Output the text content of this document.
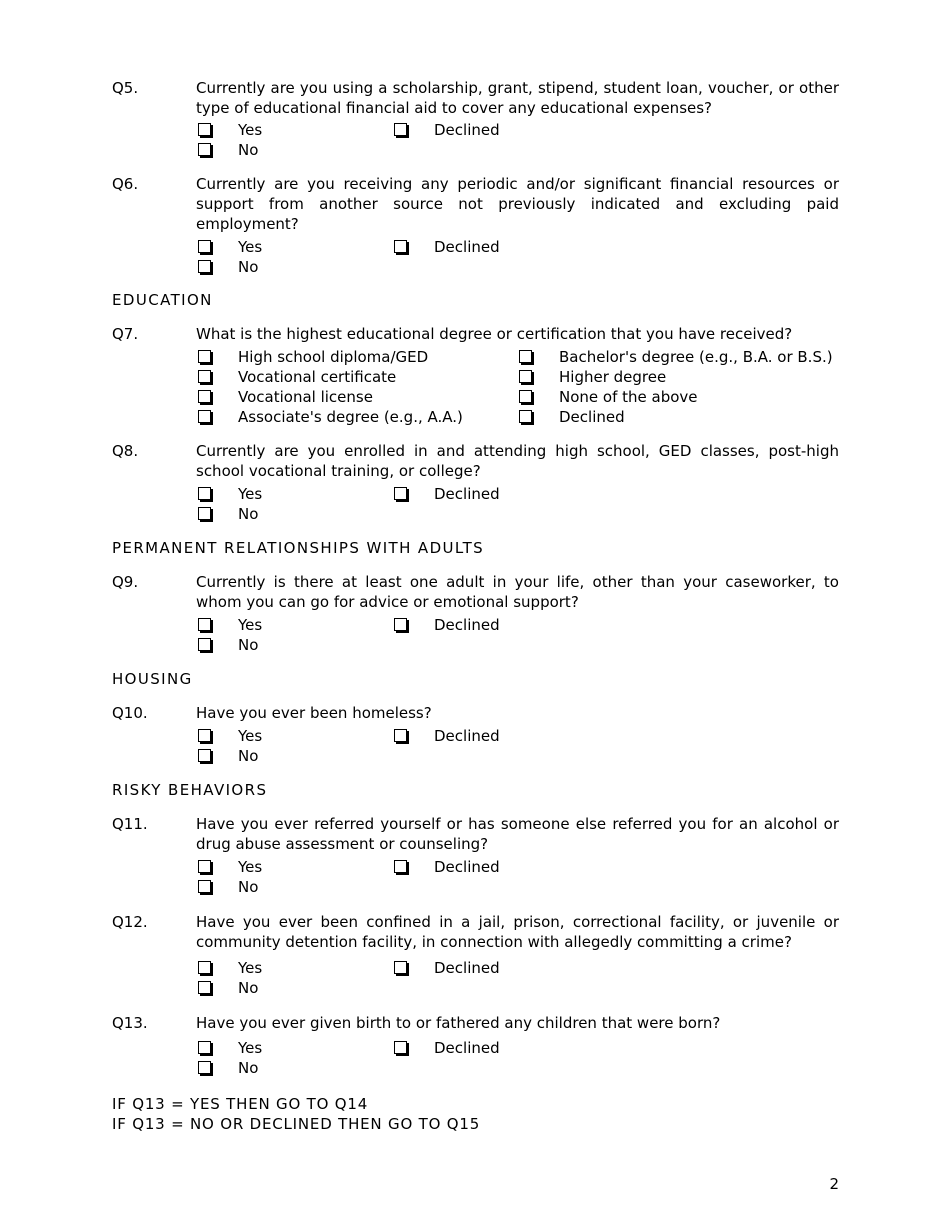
Q5.	Currently are you using a scholarship, grant, stipend, student loan, voucher, or other type of educational financial aid to cover any educational expenses?
Yes	Declined
No
Q6.	Currently are you receiving any periodic and/or significant financial resources or support from another source not previously indicated and excluding paid employment?
Yes	Declined
No
EDUCATION
Q7.	What is the highest educational degree or certification that you have received?
High school diploma/GED	Bachelor's degree (e.g., B.A. or B.S.)
Vocational certificate	Higher degree
Vocational license	None of the above
Associate's degree (e.g., A.A.)	Declined
Q8.	Currently are you enrolled in and attending high school, GED classes, post-high school vocational training, or college?
Yes	Declined
No
PERMANENT RELATIONSHIPS WITH ADULTS
Q9.	Currently is there at least one adult in your life, other than your caseworker, to whom you can go for advice or emotional support?
Yes	Declined
No
HOUSING
Q10.	Have you ever been homeless?
Yes	Declined
No
RISKY BEHAVIORS
Q11.	Have you ever referred yourself or has someone else referred you for an alcohol or drug abuse assessment or counseling?
Yes	Declined
No
Q12.	Have you ever been confined in a jail, prison, correctional facility, or juvenile or community detention facility, in connection with allegedly committing a crime?
Yes	Declined
No
Q13.	Have you ever given birth to or fathered any children that were born?
Yes	Declined
No
IF Q13 = YES THEN GO TO Q14
IF Q13 = NO OR DECLINED THEN GO TO Q15
2
